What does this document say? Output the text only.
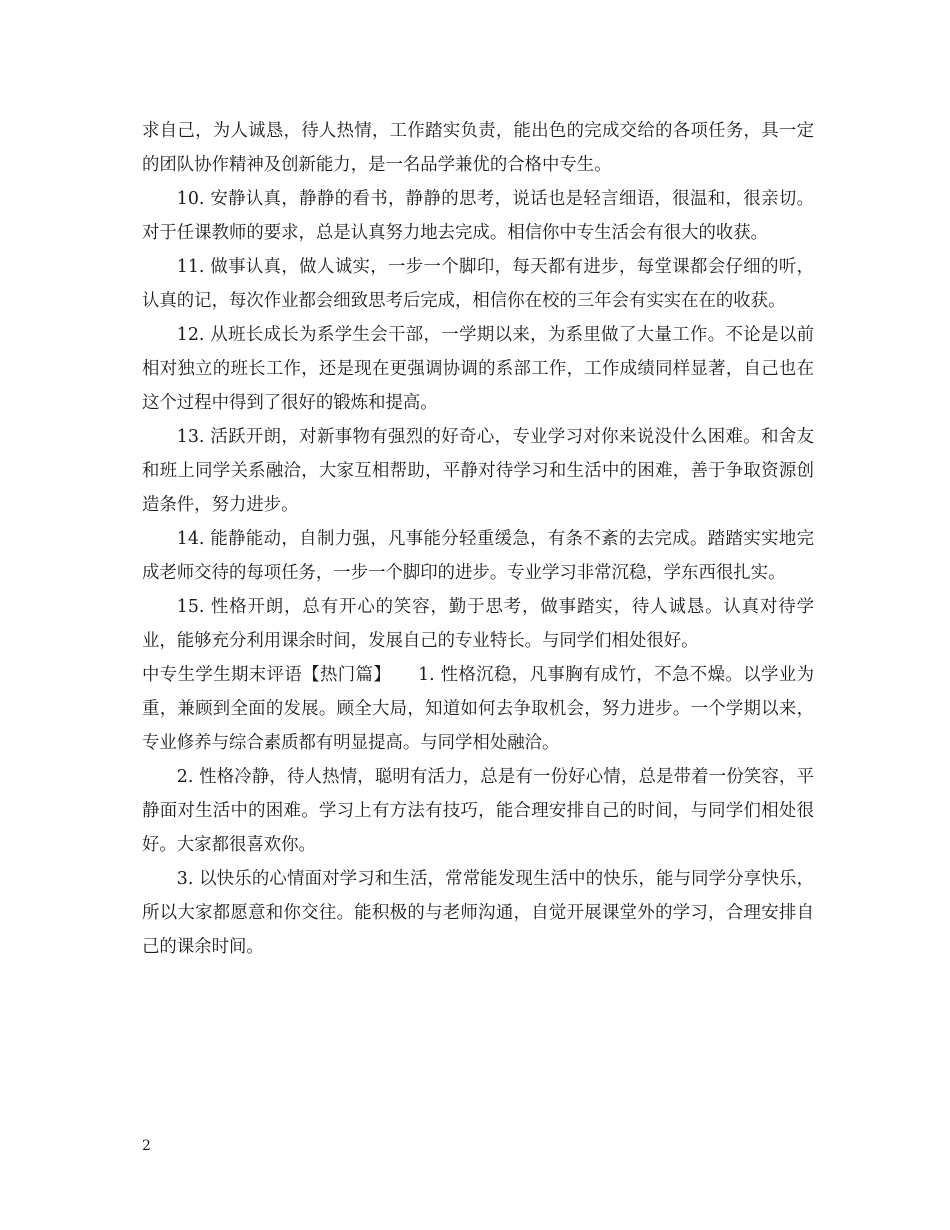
求自己，为人诚恳，待人热情，工作踏实负责，能出色的完成交给的各项任务，具一定的团队协作精神及创新能力，是一名品学兼优的合格中专生。

10. 安静认真，静静的看书，静静的思考，说话也是轻言细语，很温和，很亲切。对于任课教师的要求，总是认真努力地去完成。相信你中专生活会有很大的收获。

11. 做事认真，做人诚实，一步一个脚印，每天都有进步，每堂课都会仔细的听，认真的记，每次作业都会细致思考后完成，相信你在校的三年会有实实在在的收获。

12. 从班长成长为系学生会干部，一学期以来，为系里做了大量工作。不论是以前相对独立的班长工作，还是现在更强调协调的系部工作，工作成绩同样显著，自己也在这个过程中得到了很好的锻炼和提高。

13. 活跃开朗，对新事物有强烈的好奇心，专业学习对你来说没什么困难。和舍友和班上同学关系融洽，大家互相帮助，平静对待学习和生活中的困难，善于争取资源创造条件，努力进步。

14. 能静能动，自制力强，凡事能分轻重缓急，有条不紊的去完成。踏踏实实地完成老师交待的每项任务，一步一个脚印的进步。专业学习非常沉稳，学东西很扎实。

15. 性格开朗，总有开心的笑容，勤于思考，做事踏实，待人诚恳。认真对待学业，能够充分利用课余时间，发展自己的专业特长。与同学们相处很好。

中专生学生期末评语【热门篇】　　1. 性格沉稳，凡事胸有成竹，不急不燥。以学业为重，兼顾到全面的发展。顾全大局，知道如何去争取机会，努力进步。一个学期以来，专业修养与综合素质都有明显提高。与同学相处融洽。

2. 性格冷静，待人热情，聪明有活力，总是有一份好心情，总是带着一份笑容，平静面对生活中的困难。学习上有方法有技巧，能合理安排自己的时间，与同学们相处很好。大家都很喜欢你。

3. 以快乐的心情面对学习和生活，常常能发现生活中的快乐，能与同学分享快乐，所以大家都愿意和你交往。能积极的与老师沟通，自觉开展课堂外的学习，合理安排自己的课余时间。

2
